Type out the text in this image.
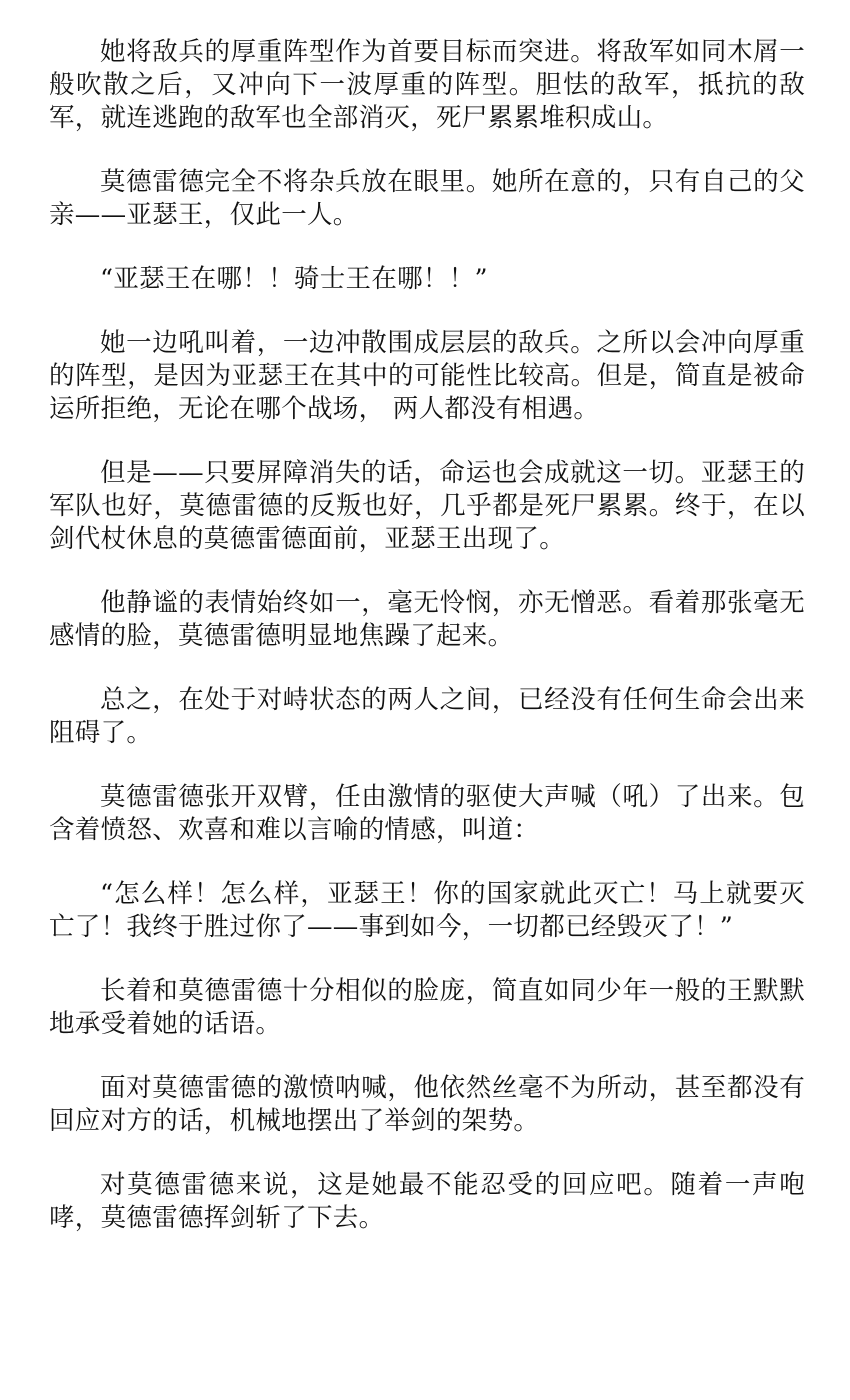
她将敌兵的厚重阵型作为首要目标而突进。将敌军如同木屑一般吹散之后，又冲向下一波厚重的阵型。胆怯的敌军，抵抗的敌军，就连逃跑的敌军也全部消灭，死尸累累堆积成山。

莫德雷德完全不将杂兵放在眼里。她所在意的，只有自己的父亲——亚瑟王，仅此一人。

“亚瑟王在哪！！骑士王在哪！！”

她一边吼叫着，一边冲散围成层层的敌兵。之所以会冲向厚重的阵型，是因为亚瑟王在其中的可能性比较高。但是，简直是被命运所拒绝，无论在哪个战场， 两人都没有相遇。

但是——只要屏障消失的话，命运也会成就这一切。亚瑟王的军队也好，莫德雷德的反叛也好，几乎都是死尸累累。终于，在以剑代杖休息的莫德雷德面前，亚瑟王出现了。

他静谧的表情始终如一，毫无怜悯，亦无憎恶。看着那张毫无感情的脸，莫德雷德明显地焦躁了起来。

总之，在处于对峙状态的两人之间，已经没有任何生命会出来阻碍了。

莫德雷德张开双臂，任由激情的驱使大声喊（吼）了出来。包含着愤怒、欢喜和难以言喻的情感，叫道：

“怎么样！怎么样，亚瑟王！你的国家就此灭亡！马上就要灭亡了！我终于胜过你了——事到如今，一切都已经毁灭了！”

长着和莫德雷德十分相似的脸庞，简直如同少年一般的王默默地承受着她的话语。

面对莫德雷德的激愤呐喊，他依然丝毫不为所动，甚至都没有回应对方的话，机械地摆出了举剑的架势。

对莫德雷德来说，这是她最不能忍受的回应吧。随着一声咆哮，莫德雷德挥剑斩了下去。
